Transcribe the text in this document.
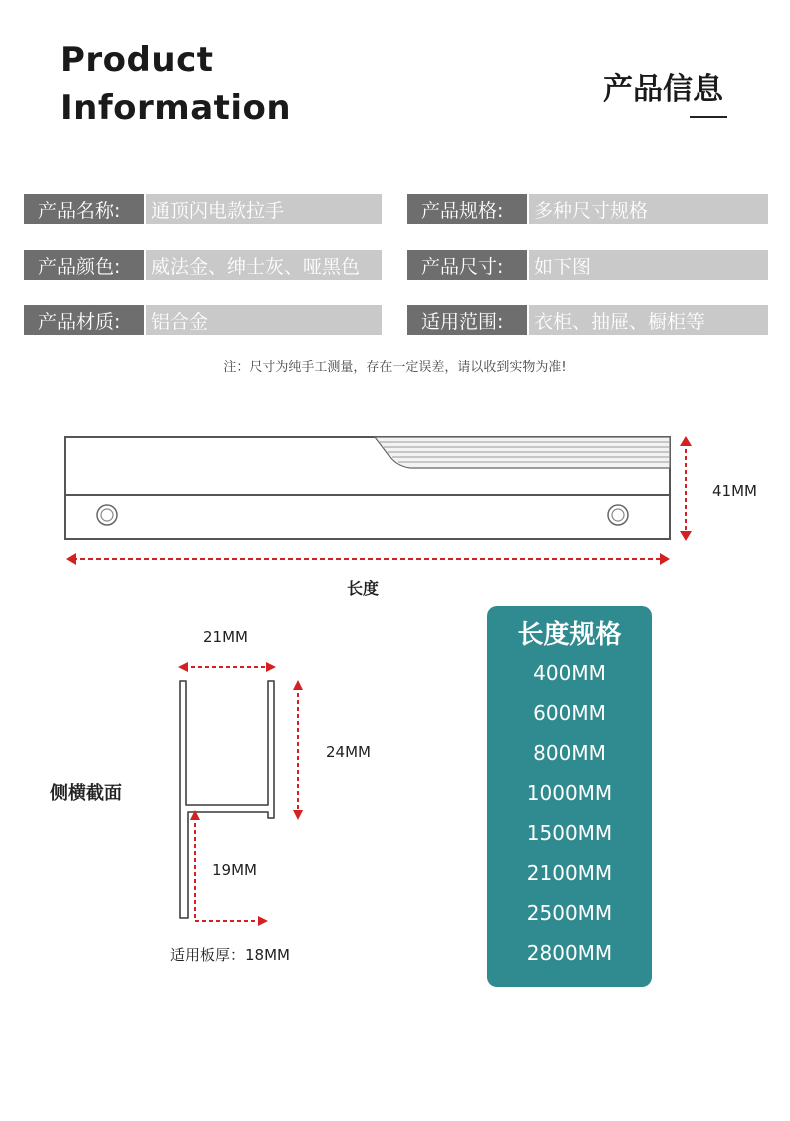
Product
Information	产品信息
产品名称:	通顶闪电款拉手	产品规格:	多种尺寸规格
产品颜色:	威法金、绅士灰、哑黑色	产品尺寸:	如下图
产品材质:	铝合金	适用范围:	衣柜、抽屉、橱柜等
注：尺寸为纯手工测量，存在一定误差，请以收到实物为准!
41MM
长度
21MM
24MM
19MM
侧横截面
适用板厚：18MM
长度规格
400MM
600MM
800MM
1000MM
1500MM
2100MM
2500MM
2800MM
